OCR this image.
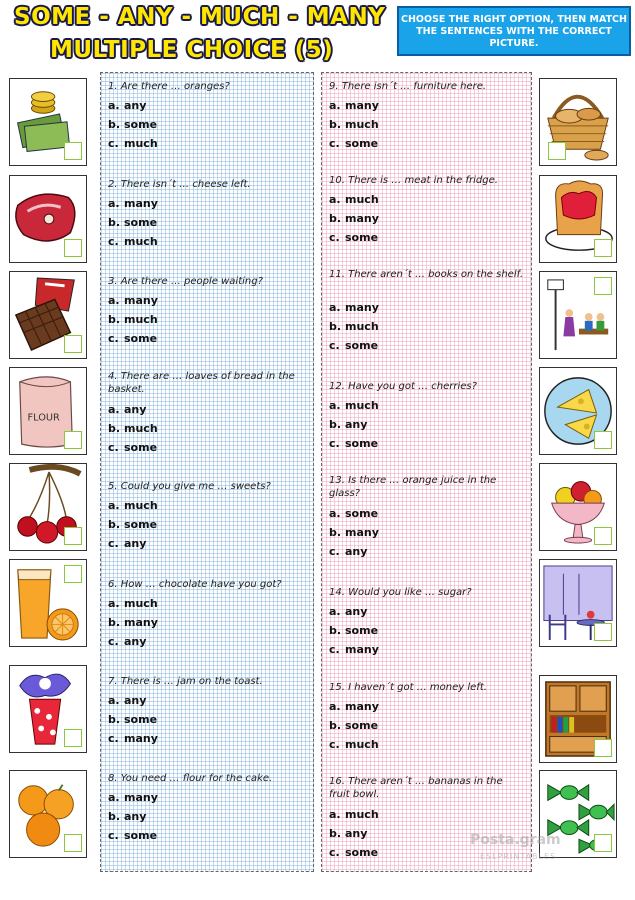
SOME - ANY - MUCH - MANY
MULTIPLE CHOICE (5)
CHOOSE THE RIGHT OPTION, THEN MATCH THE SENTENCES WITH THE CORRECT PICTURE.
1. Are there … oranges?
a. any
b. some
c. much
2. There isn´t … cheese left.
a. many
b. some
c. much
3. Are there … people waiting?
a. many
b. much
c. some
4. There are … loaves of bread in the basket.
a. any
b. much
c. some
5. Could you give me … sweets?
a. much
b. some
c. any
6. How … chocolate have you got?
a. much
b. many
c. any
7. There is … jam on the toast.
a. any
b. some
c. many
8. You need … flour for the cake.
a. many
b. any
c. some
9. There isn´t … furniture here.
a. many
b. much
c. some
10. There is … meat in the fridge.
a. much
b. many
c. some
11. There aren´t … books on the shelf.
a. many
b. much
c. some
12. Have you got … cherries?
a. much
b. any
c. some
13. Is there … orange juice in the glass?
a. some
b. many
c. any
14. Would you like … sugar?
a. any
b. some
c. many
15. I haven´t got … money left.
a. many
b. some
c. much
16. There aren´t … bananas in the fruit bowl.
a. much
b. any
c. some
FLOUR
Posta.gram
ESLPRINTABLES
